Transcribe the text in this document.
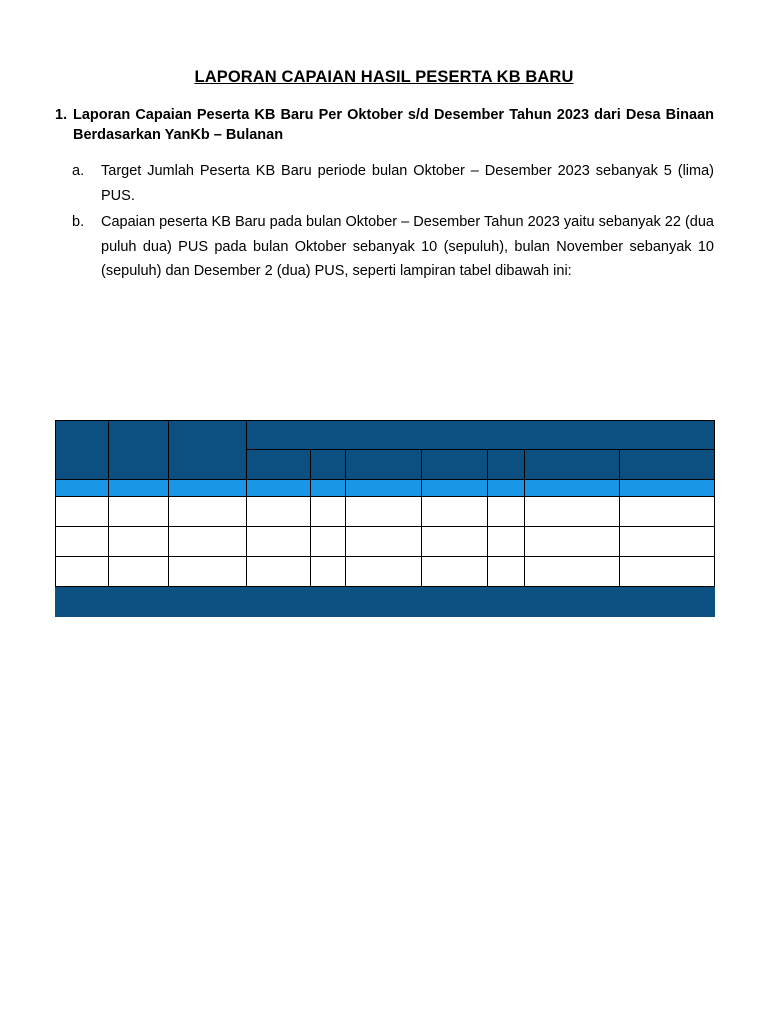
LAPORAN CAPAIAN HASIL PESERTA KB BARU
1. Laporan Capaian Peserta KB Baru Per Oktober s/d Desember Tahun 2023 dari Desa Binaan Berdasarkan YanKb – Bulanan
a.	Target Jumlah Peserta KB Baru periode bulan Oktober – Desember 2023 sebanyak 5 (lima) PUS.
b.	Capaian peserta KB Baru pada bulan Oktober – Desember Tahun 2023 yaitu sebanyak 22 (dua puluh dua) PUS pada bulan Oktober sebanyak 10 (sepuluh), bulan November sebanyak 10 (sepuluh) dan Desember 2 (dua) PUS, seperti lampiran tabel dibawah ini:
